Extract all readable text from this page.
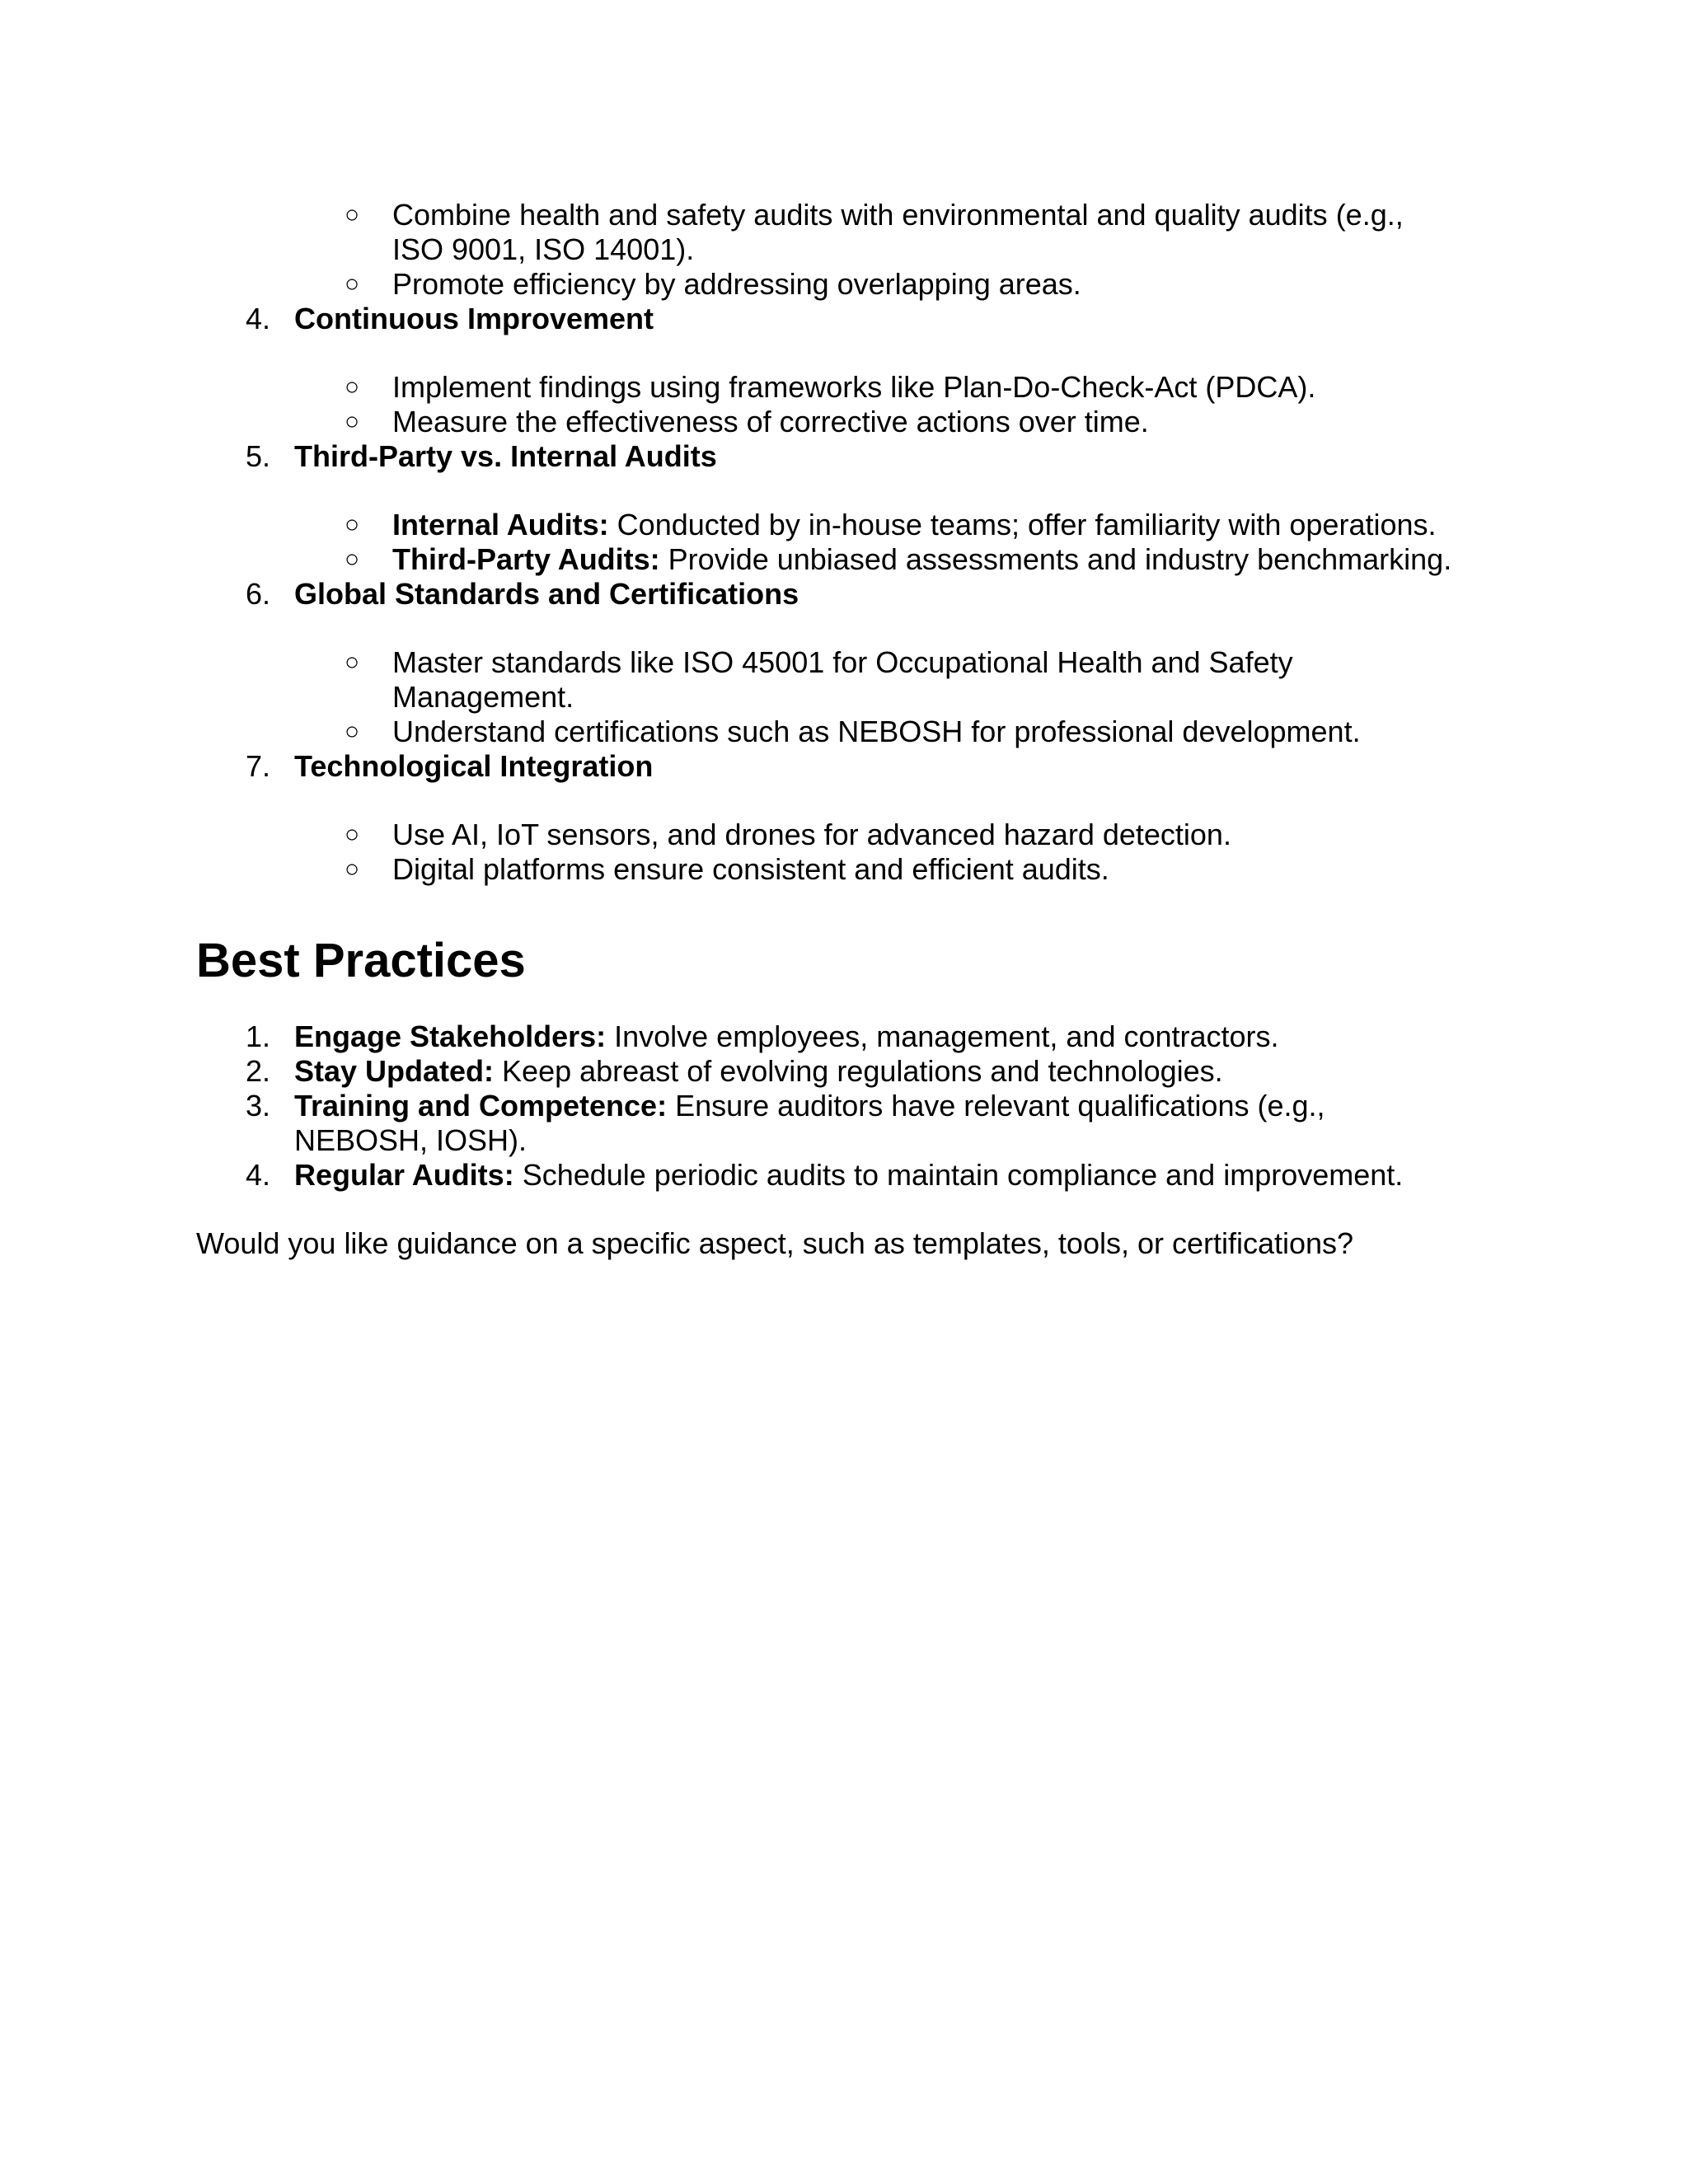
○ Combine health and safety audits with environmental and quality audits (e.g.,
ISO 9001, ISO 14001).
○ Promote efficiency by addressing overlapping areas.
4. Continuous Improvement
○ Implement findings using frameworks like Plan-Do-Check-Act (PDCA).
○ Measure the effectiveness of corrective actions over time.
5. Third-Party vs. Internal Audits
○ Internal Audits: Conducted by in-house teams; offer familiarity with operations.
○ Third-Party Audits: Provide unbiased assessments and industry benchmarking.
6. Global Standards and Certifications
○ Master standards like ISO 45001 for Occupational Health and Safety
Management.
○ Understand certifications such as NEBOSH for professional development.
7. Technological Integration
○ Use AI, IoT sensors, and drones for advanced hazard detection.
○ Digital platforms ensure consistent and efficient audits.
Best Practices
1. Engage Stakeholders: Involve employees, management, and contractors.
2. Stay Updated: Keep abreast of evolving regulations and technologies.
3. Training and Competence: Ensure auditors have relevant qualifications (e.g.,
NEBOSH, IOSH).
4. Regular Audits: Schedule periodic audits to maintain compliance and improvement.
Would you like guidance on a specific aspect, such as templates, tools, or certifications?
